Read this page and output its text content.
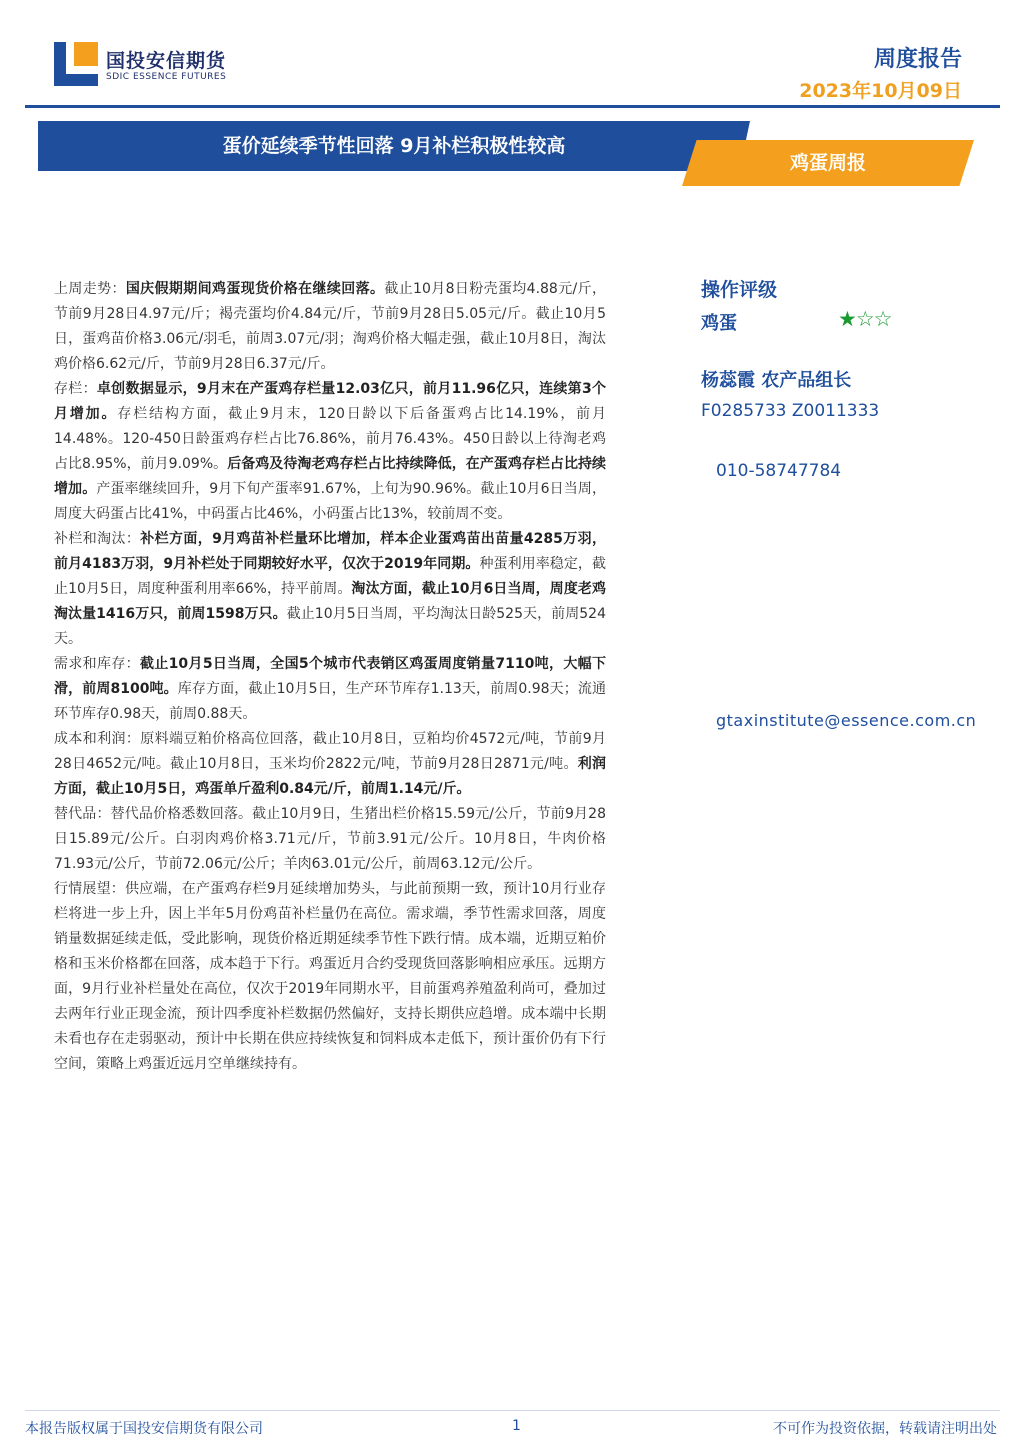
国投安信期货
SDIC ESSENCE FUTURES
周度报告
2023年10月09日
蛋价延续季节性回落 9月补栏积极性较高
鸡蛋周报

上周走势：国庆假期期间鸡蛋现货价格在继续回落。截止10月8日粉壳蛋均4.88元/斤，节前9月28日4.97元/斤；褐壳蛋均价4.84元/斤，节前9月28日5.05元/斤。截止10月5日，蛋鸡苗价格3.06元/羽毛，前周3.07元/羽；淘鸡价格大幅走强，截止10月8日，淘汰鸡价格6.62元/斤，节前9月28日6.37元/斤。

存栏：卓创数据显示，9月末在产蛋鸡存栏量12.03亿只，前月11.96亿只，连续第3个月增加。存栏结构方面，截止9月末，120日龄以下后备蛋鸡占比14.19%，前月14.48%。120-450日龄蛋鸡存栏占比76.86%，前月76.43%。450日龄以上待淘老鸡占比8.95%，前月9.09%。后备鸡及待淘老鸡存栏占比持续降低，在产蛋鸡存栏占比持续增加。产蛋率继续回升，9月下旬产蛋率91.67%，上旬为90.96%。截止10月6日当周，周度大码蛋占比41%，中码蛋占比46%，小码蛋占比13%，较前周不变。

补栏和淘汰：补栏方面，9月鸡苗补栏量环比增加，样本企业蛋鸡苗出苗量4285万羽，前月4183万羽，9月补栏处于同期较好水平，仅次于2019年同期。种蛋利用率稳定，截止10月5日，周度种蛋利用率66%，持平前周。淘汰方面，截止10月6日当周，周度老鸡淘汰量1416万只，前周1598万只。截止10月5日当周，平均淘汰日龄525天，前周524天。

需求和库存：截止10月5日当周，全国5个城市代表销区鸡蛋周度销量7110吨，大幅下滑，前周8100吨。库存方面，截止10月5日，生产环节库存1.13天，前周0.98天；流通环节库存0.98天，前周0.88天。

成本和利润：原料端豆粕价格高位回落，截止10月8日，豆粕均价4572元/吨，节前9月28日4652元/吨。截止10月8日，玉米均价2822元/吨，节前9月28日2871元/吨。利润方面，截止10月5日，鸡蛋单斤盈利0.84元/斤，前周1.14元/斤。

替代品：替代品价格悉数回落。截止10月9日，生猪出栏价格15.59元/公斤，节前9月28日15.89元/公斤。白羽肉鸡价格3.71元/斤，节前3.91元/公斤。10月8日，牛肉价格71.93元/公斤，节前72.06元/公斤；羊肉63.01元/公斤，前周63.12元/公斤。

行情展望：供应端，在产蛋鸡存栏9月延续增加势头，与此前预期一致，预计10月行业存栏将进一步上升，因上半年5月份鸡苗补栏量仍在高位。需求端，季节性需求回落，周度销量数据延续走低，受此影响，现货价格近期延续季节性下跌行情。成本端，近期豆粕价格和玉米价格都在回落，成本趋于下行。鸡蛋近月合约受现货回落影响相应承压。远期方面，9月行业补栏量处在高位，仅次于2019年同期水平，目前蛋鸡养殖盈利尚可，叠加过去两年行业正现金流，预计四季度补栏数据仍然偏好，支持长期供应趋增。成本端中长期未看也存在走弱驱动，预计中长期在供应持续恢复和饲料成本走低下，预计蛋价仍有下行空间，策略上鸡蛋近远月空单继续持有。

操作评级
鸡蛋	★☆☆
杨蕊霞 农产品组长
F0285733 Z0011333
010-58747784
gtaxinstitute@essence.com.cn
本报告版权属于国投安信期货有限公司	1	不可作为投资依据，转载请注明出处
